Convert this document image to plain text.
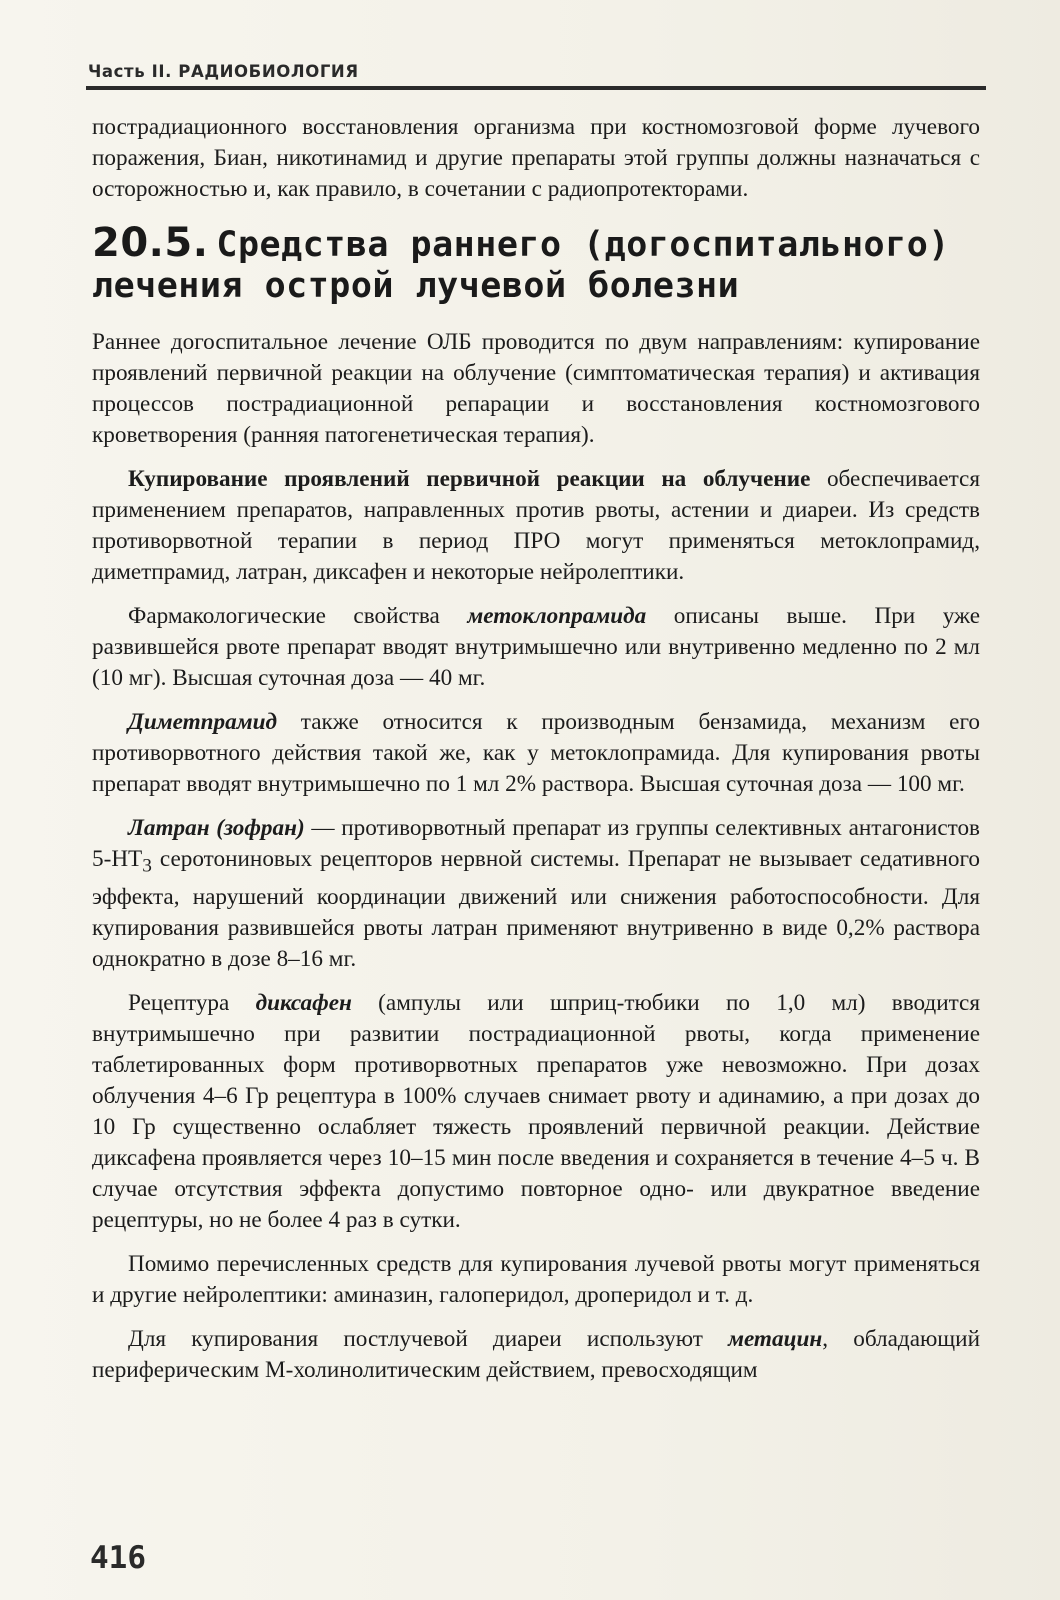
Часть II. РАДИОБИОЛОГИЯ

пострадиационного восстановления организма при костномозговой форме лучевого поражения, Биан, никотинамид и другие препараты этой группы должны назначаться с осторожностью и, как правило, в сочетании с радиопротекторами.

20.5. Средства раннего (догоспитального) лечения острой лучевой болезни

Раннее догоспитальное лечение ОЛБ проводится по двум направлениям: купирование проявлений первичной реакции на облучение (симптоматическая терапия) и активация процессов пострадиационной репарации и восстановления костномозгового кроветворения (ранняя патогенетическая терапия).

Купирование проявлений первичной реакции на облучение обеспечивается применением препаратов, направленных против рвоты, астении и диареи. Из средств противорвотной терапии в период ПРО могут применяться метоклопрамид, диметпрамид, латран, диксафен и некоторые нейролептики.

Фармакологические свойства метоклопрамида описаны выше. При уже развившейся рвоте препарат вводят внутримышечно или внутривенно медленно по 2 мл (10 мг). Высшая суточная доза — 40 мг.

Диметпрамид также относится к производным бензамида, механизм его противорвотного действия такой же, как у метоклопрамида. Для купирования рвоты препарат вводят внутримышечно по 1 мл 2% раствора. Высшая суточная доза — 100 мг.

Латран (зофран) — противорвотный препарат из группы селективных антагонистов $5-HT_3$ серотониновых рецепторов нервной системы. Препарат не вызывает седативного эффекта, нарушений координации движений или снижения работоспособности. Для купирования развившейся рвоты латран применяют внутривенно в виде 0,2% раствора однократно в дозе 8–16 мг.

Рецептура диксафен (ампулы или шприц-тюбики по 1,0 мл) вводится внутримышечно при развитии пострадиационной рвоты, когда применение таблетированных форм противорвотных препаратов уже невозможно. При дозах облучения 4–6 Гр рецептура в 100% случаев снимает рвоту и адинамию, а при дозах до 10 Гр существенно ослабляет тяжесть проявлений первичной реакции. Действие диксафена проявляется через 10–15 мин после введения и сохраняется в течение 4–5 ч. В случае отсутствия эффекта допустимо повторное одно- или двукратное введение рецептуры, но не более 4 раз в сутки.

Помимо перечисленных средств для купирования лучевой рвоты могут применяться и другие нейролептики: аминазин, галоперидол, дроперидол и т. д.

Для купирования постлучевой диареи используют метацин, обладающий периферическим М-холинолитическим действием, превосходящим

416
